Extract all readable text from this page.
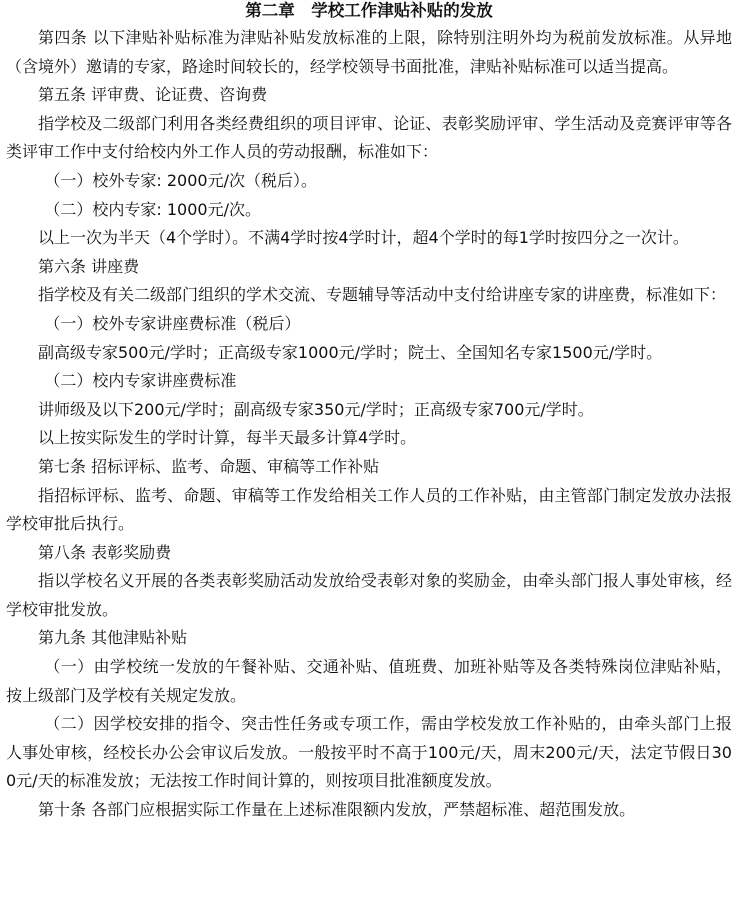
第二章　学校工作津贴补贴的发放

第四条 以下津贴补贴标准为津贴补贴发放标准的上限，除特别注明外均为税前发放标准。从异地（含境外）邀请的专家，路途时间较长的，经学校领导书面批准，津贴补贴标准可以适当提高。

第五条 评审费、论证费、咨询费

指学校及二级部门利用各类经费组织的项目评审、论证、表彰奖励评审、学生活动及竞赛评审等各类评审工作中支付给校内外工作人员的劳动报酬，标准如下：

（一）校外专家: 2000元/次（税后）。

（二）校内专家: 1000元/次。

以上一次为半天（4个学时）。不满4学时按4学时计，超4个学时的每1学时按四分之一次计。

第六条 讲座费

指学校及有关二级部门组织的学术交流、专题辅导等活动中支付给讲座专家的讲座费，标准如下：

（一）校外专家讲座费标准（税后）

副高级专家500元/学时；正高级专家1000元/学时；院士、全国知名专家1500元/学时。

（二）校内专家讲座费标准

讲师级及以下200元/学时；副高级专家350元/学时；正高级专家700元/学时。

以上按实际发生的学时计算，每半天最多计算4学时。

第七条 招标评标、监考、命题、审稿等工作补贴

指招标评标、监考、命题、审稿等工作发给相关工作人员的工作补贴，由主管部门制定发放办法报学校审批后执行。

第八条 表彰奖励费

指以学校名义开展的各类表彰奖励活动发放给受表彰对象的奖励金，由牵头部门报人事处审核，经学校审批发放。

第九条 其他津贴补贴

（一）由学校统一发放的午餐补贴、交通补贴、值班费、加班补贴等及各类特殊岗位津贴补贴，按上级部门及学校有关规定发放。

（二）因学校安排的指令、突击性任务或专项工作，需由学校发放工作补贴的，由牵头部门上报人事处审核，经校长办公会审议后发放。一般按平时不高于100元/天，周末200元/天，法定节假日300元/天的标准发放；无法按工作时间计算的，则按项目批准额度发放。

第十条 各部门应根据实际工作量在上述标准限额内发放，严禁超标准、超范围发放。
